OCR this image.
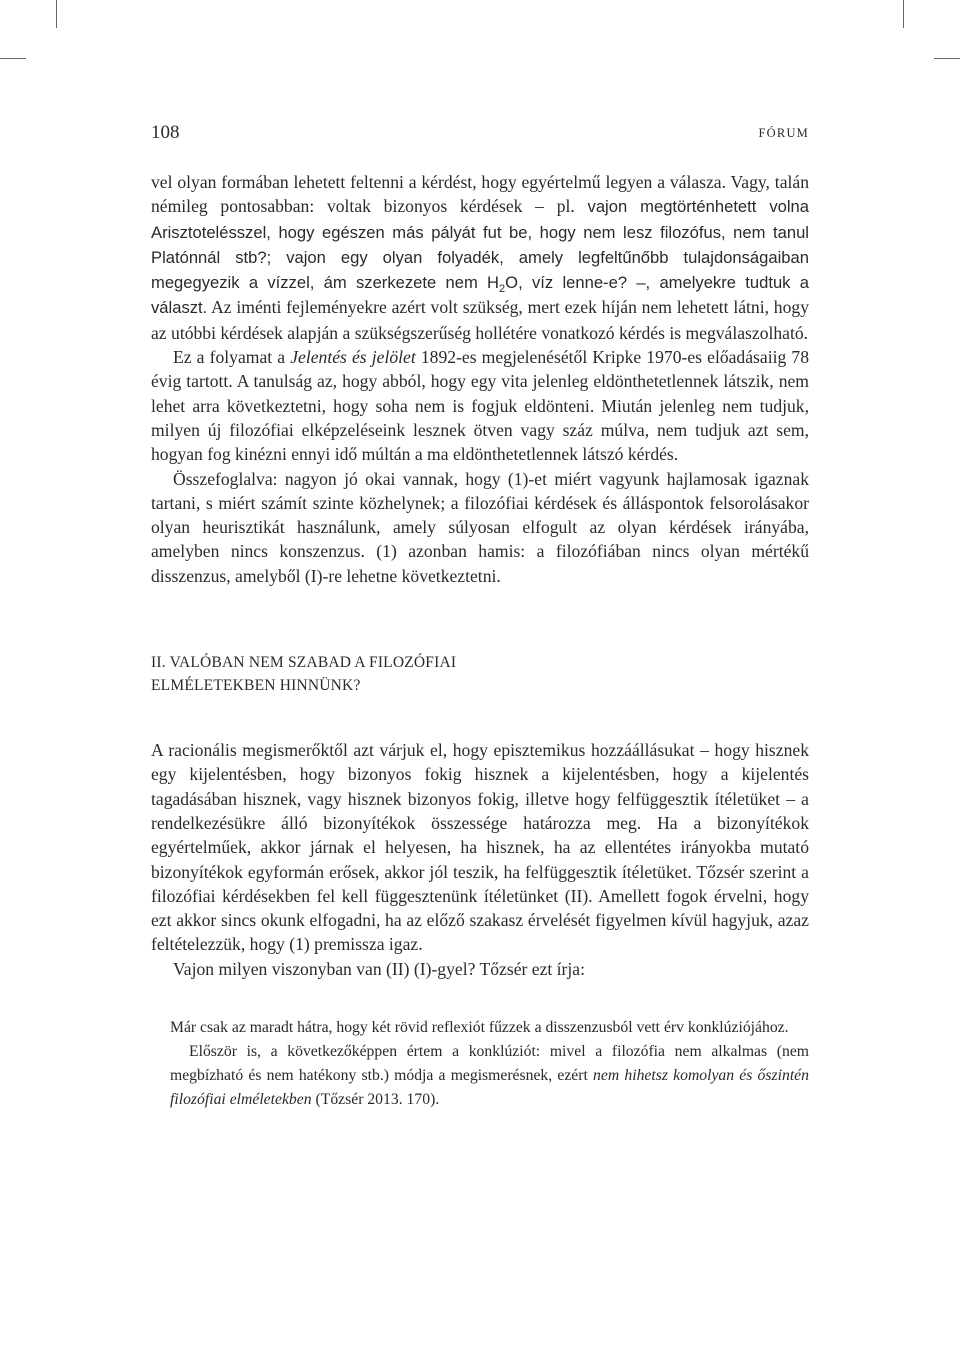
108	FÓRUM

vel olyan formában lehetett feltenni a kérdést, hogy egyértelmű legyen a válasza. Vagy, talán némileg pontosabban: voltak bizonyos kérdések – pl. vajon megtörténhetett volna Arisztotelésszel, hogy egészen más pályát fut be, hogy nem lesz filozófus, nem tanul Platónnál stb?; vajon egy olyan folyadék, amely legfeltűnőbb tulajdonságaiban megegyezik a vízzel, ám szerkezete nem $H_2O$, víz lenne-e? –, amelyekre tudtuk a választ. Az iménti fejleményekre azért volt szükség, mert ezek híján nem lehetett látni, hogy az utóbbi kérdések alapján a szükségszerűség hollétére vonatkozó kérdés is megválaszolható.

Ez a folyamat a Jelentés és jelölet 1892-es megjelenésétől Kripke 1970-es előadásaiig 78 évig tartott. A tanulság az, hogy abból, hogy egy vita jelenleg eldönthetetlennek látszik, nem lehet arra következtetni, hogy soha nem is fogjuk eldönteni. Miután jelenleg nem tudjuk, milyen új filozófiai elképzeléseink lesznek ötven vagy száz múlva, nem tudjuk azt sem, hogyan fog kinézni ennyi idő múltán a ma eldönthetetlennek látszó kérdés.

Összefoglalva: nagyon jó okai vannak, hogy (1)-et miért vagyunk hajlamosak igaznak tartani, s miért számít szinte közhelynek; a filozófiai kérdések és álláspontok felsorolásakor olyan heurisztikát használunk, amely súlyosan elfogult az olyan kérdések irányába, amelyben nincs konszenzus. (1) azonban hamis: a filozófiában nincs olyan mértékű disszenzus, amelyből (I)-re lehetne következtetni.

II. VALÓBAN NEM SZABAD A FILOZÓFIAI
ELMÉLETEKBEN HINNÜNK?

A racionális megismerőktől azt várjuk el, hogy episztemikus hozzáállásukat – hogy hisznek egy kijelentésben, hogy bizonyos fokig hisznek a kijelentésben, hogy a kijelentés tagadásában hisznek, vagy hisznek bizonyos fokig, illetve hogy felfüggesztik ítéletüket – a rendelkezésükre álló bizonyítékok összessége határozza meg. Ha a bizonyítékok egyértelműek, akkor járnak el helyesen, ha hisznek, ha az ellentétes irányokba mutató bizonyítékok egyformán erősek, akkor jól teszik, ha felfüggesztik ítéletüket. Tőzsér szerint a filozófiai kérdésekben fel kell függesztenünk ítéletünket (II). Amellett fogok érvelni, hogy ezt akkor sincs okunk elfogadni, ha az előző szakasz érvelését figyelmen kívül hagyjuk, azaz feltételezzük, hogy (1) premissza igaz.

Vajon milyen viszonyban van (II) (I)-gyel? Tőzsér ezt írja:

Már csak az maradt hátra, hogy két rövid reflexiót fűzzek a disszenzusból vett érv konklúziójához.

Először is, a következőképpen értem a konklúziót: mivel a filozófia nem alkalmas (nem megbízható és nem hatékony stb.) módja a megismerésnek, ezért nem hihetsz komolyan és őszintén filozófiai elméletekben (Tőzsér 2013. 170).
